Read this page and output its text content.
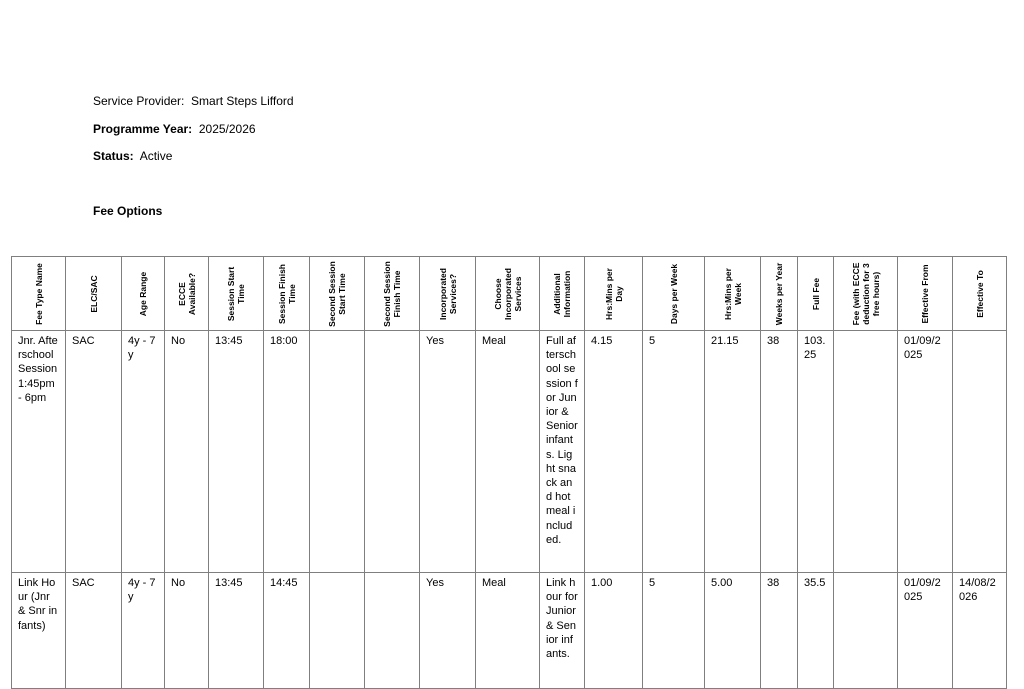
Service Provider: Smart Steps Lifford
Programme Year: 2025/2026
Status: Active
Fee Options
Fee Type Name	ELC/SAC	Age Range	ECCE Available?	Session Start Time	Session Finish Time	Second Session Start Time	Second Session Finish Time	Incorporated Services?	Choose Incorporated Services	Additional Information	Hrs:Mins per Day	Days per Week	Hrs:Mins per Week	Weeks per Year	Full Fee	Fee (with ECCE deduction for 3 free hours)	Effective From	Effective To

Jnr. Afterschool Session 1:45pm - 6pm	SAC	4y - 7y	No	13:45	18:00			Yes	Meal	Full afterschool session for Junior & Senior infants. Light snack and hot meal included.	4.15	5	21.15	38	103.25		01/09/2025	
Link Hour (Jnr & Snr infants)	SAC	4y - 7y	No	13:45	14:45			Yes	Meal	Link hour for Junior & Senior infants.	1.00	5	5.00	38	35.5		01/09/2025	14/08/2026
